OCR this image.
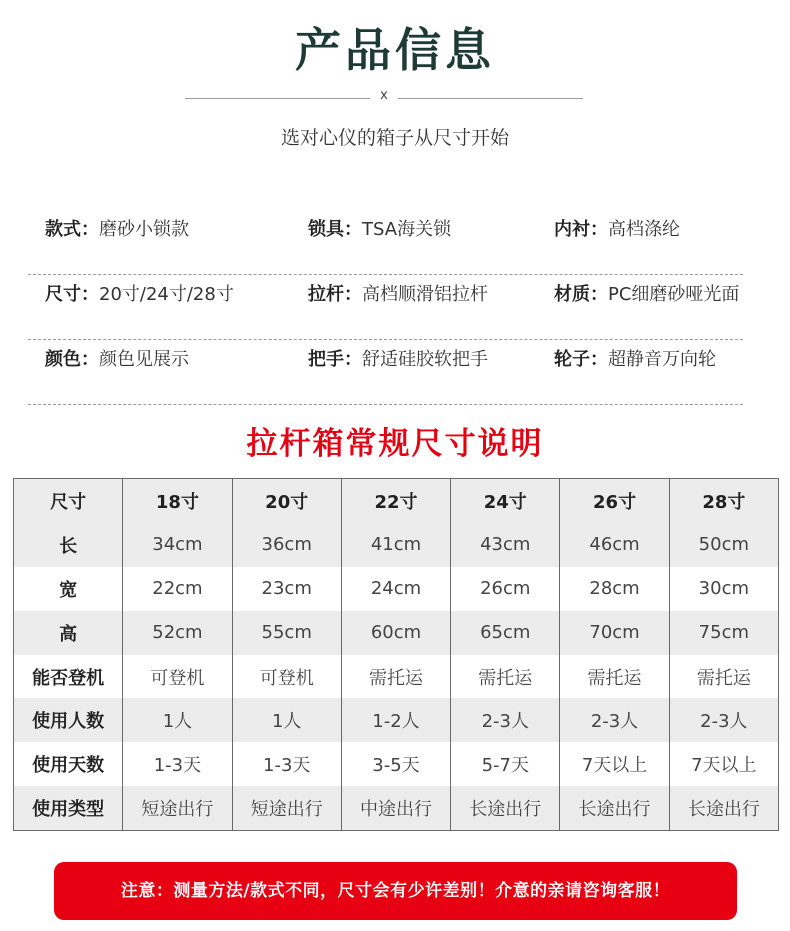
产品信息
x
选对心仪的箱子从尺寸开始
款式：磨砂小锁款	锁具：TSA海关锁	内衬：高档涤纶
尺寸：20寸/24寸/28寸	拉杆：高档顺滑铝拉杆	材质：PC细磨砂哑光面
颜色：颜色见展示	把手：舒适硅胶软把手	轮子：超静音万向轮
拉杆箱常规尺寸说明
尺寸	18寸	20寸	22寸	24寸	26寸	28寸
长	34cm	36cm	41cm	43cm	46cm	50cm
宽	22cm	23cm	24cm	26cm	28cm	30cm
高	52cm	55cm	60cm	65cm	70cm	75cm
能否登机	可登机	可登机	需托运	需托运	需托运	需托运
使用人数	1人	1人	1-2人	2-3人	2-3人	2-3人
使用天数	1-3天	1-3天	3-5天	5-7天	7天以上	7天以上
使用类型	短途出行	短途出行	中途出行	长途出行	长途出行	长途出行
注意：测量方法/款式不同，尺寸会有少许差别！介意的亲请咨询客服！
